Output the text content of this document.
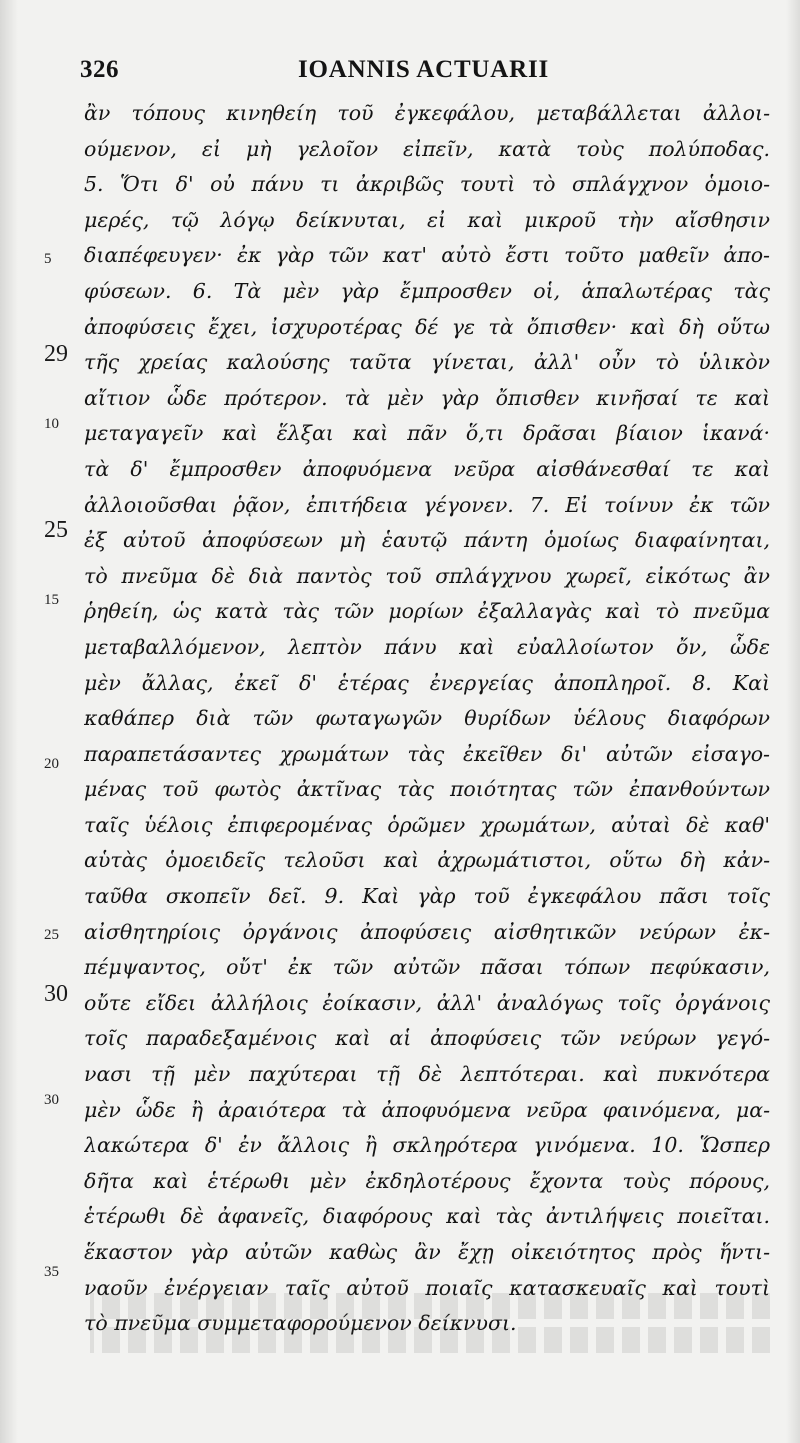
326	IOANNIS ACTUARII
5
10
15
20
25
30
35
29
25
30
ἂν τόπους κινηθείη τοῦ ἐγκεφάλου, μεταβάλλεται ἀλλοι-
ούμενον, εἰ μὴ γελοῖον εἰπεῖν, κατὰ τοὺς πολύποδας.
5. Ὅτι δ' οὐ πάνυ τι ἀκριβῶς τουτὶ τὸ σπλάγχνον ὁμοιο-
μερές, τῷ λόγῳ δείκνυται, εἰ καὶ μικροῦ τὴν αἴσθησιν
διαπέφευγεν· ἐκ γὰρ τῶν κατ' αὐτὸ ἔστι τοῦτο μαθεῖν ἀπο-
φύσεων. 6. Τὰ μὲν γὰρ ἔμπροσθεν οἱ, ἁπαλωτέρας τὰς
ἀποφύσεις ἔχει, ἰσχυροτέρας δέ γε τὰ ὄπισθεν· καὶ δὴ οὕτω
τῆς χρείας καλούσης ταῦτα γίνεται, ἀλλ' οὖν τὸ ὑλικὸν
αἴτιον ὧδε πρότερον. τὰ μὲν γὰρ ὄπισθεν κινῆσαί τε καὶ
μεταγαγεῖν καὶ ἕλξαι καὶ πᾶν ὅ,τι δρᾶσαι βίαιον ἱκανά·
τὰ δ' ἔμπροσθεν ἀποφυόμενα νεῦρα αἰσθάνεσθαί τε καὶ
ἀλλοιοῦσθαι ῥᾷον, ἐπιτήδεια γέγονεν. 7. Εἰ τοίνυν ἐκ τῶν
ἐξ αὐτοῦ ἀποφύσεων μὴ ἑαυτῷ πάντη ὁμοίως διαφαίνηται,
τὸ πνεῦμα δὲ διὰ παντὸς τοῦ σπλάγχνου χωρεῖ, εἰκότως ἂν
ῥηθείη, ὡς κατὰ τὰς τῶν μορίων ἐξαλλαγὰς καὶ τὸ πνεῦμα
μεταβαλλόμενον, λεπτὸν πάνυ καὶ εὐαλλοίωτον ὄν, ὧδε
μὲν ἄλλας, ἐκεῖ δ' ἑτέρας ἐνεργείας ἀποπληροῖ. 8. Καὶ
καθάπερ διὰ τῶν φωταγωγῶν θυρίδων ὑέλους διαφόρων
παραπετάσαντες χρωμάτων τὰς ἐκεῖθεν δι' αὐτῶν εἰσαγο-
μένας τοῦ φωτὸς ἀκτῖνας τὰς ποιότητας τῶν ἐπανθούντων
ταῖς ὑέλοις ἐπιφερομένας ὁρῶμεν χρωμάτων, αὐταὶ δὲ καθ'
αὑτὰς ὁμοειδεῖς τελοῦσι καὶ ἀχρωμάτιστοι, οὕτω δὴ κἀν-
ταῦθα σκοπεῖν δεῖ. 9. Καὶ γὰρ τοῦ ἐγκεφάλου πᾶσι τοῖς
αἰσθητηρίοις ὀργάνοις ἀποφύσεις αἰσθητικῶν νεύρων ἐκ-
πέμψαντος, οὔτ' ἐκ τῶν αὐτῶν πᾶσαι τόπων πεφύκασιν,
οὔτε εἴδει ἀλλήλοις ἐοίκασιν, ἀλλ' ἀναλόγως τοῖς ὀργάνοις
τοῖς παραδεξαμένοις καὶ αἱ ἀποφύσεις τῶν νεύρων γεγό-
νασι τῇ μὲν παχύτεραι τῇ δὲ λεπτότεραι. καὶ πυκνότερα
μὲν ὧδε ἢ ἀραιότερα τὰ ἀποφυόμενα νεῦρα φαινόμενα, μα-
λακώτερα δ' ἐν ἄλλοις ἢ σκληρότερα γινόμενα. 10. Ὥσπερ
δῆτα καὶ ἑτέρωθι μὲν ἐκδηλοτέρους ἔχοντα τοὺς πόρους,
ἑτέρωθι δὲ ἀφανεῖς, διαφόρους καὶ τὰς ἀντιλήψεις ποιεῖται.
ἕκαστον γὰρ αὐτῶν καθὼς ἂν ἔχῃ οἰκειότητος πρὸς ἥντι-
ναοῦν ἐνέργειαν ταῖς αὐτοῦ ποιαῖς κατασκευαῖς καὶ τουτὶ
τὸ πνεῦμα συμμεταφορούμενον δείκνυσι.
